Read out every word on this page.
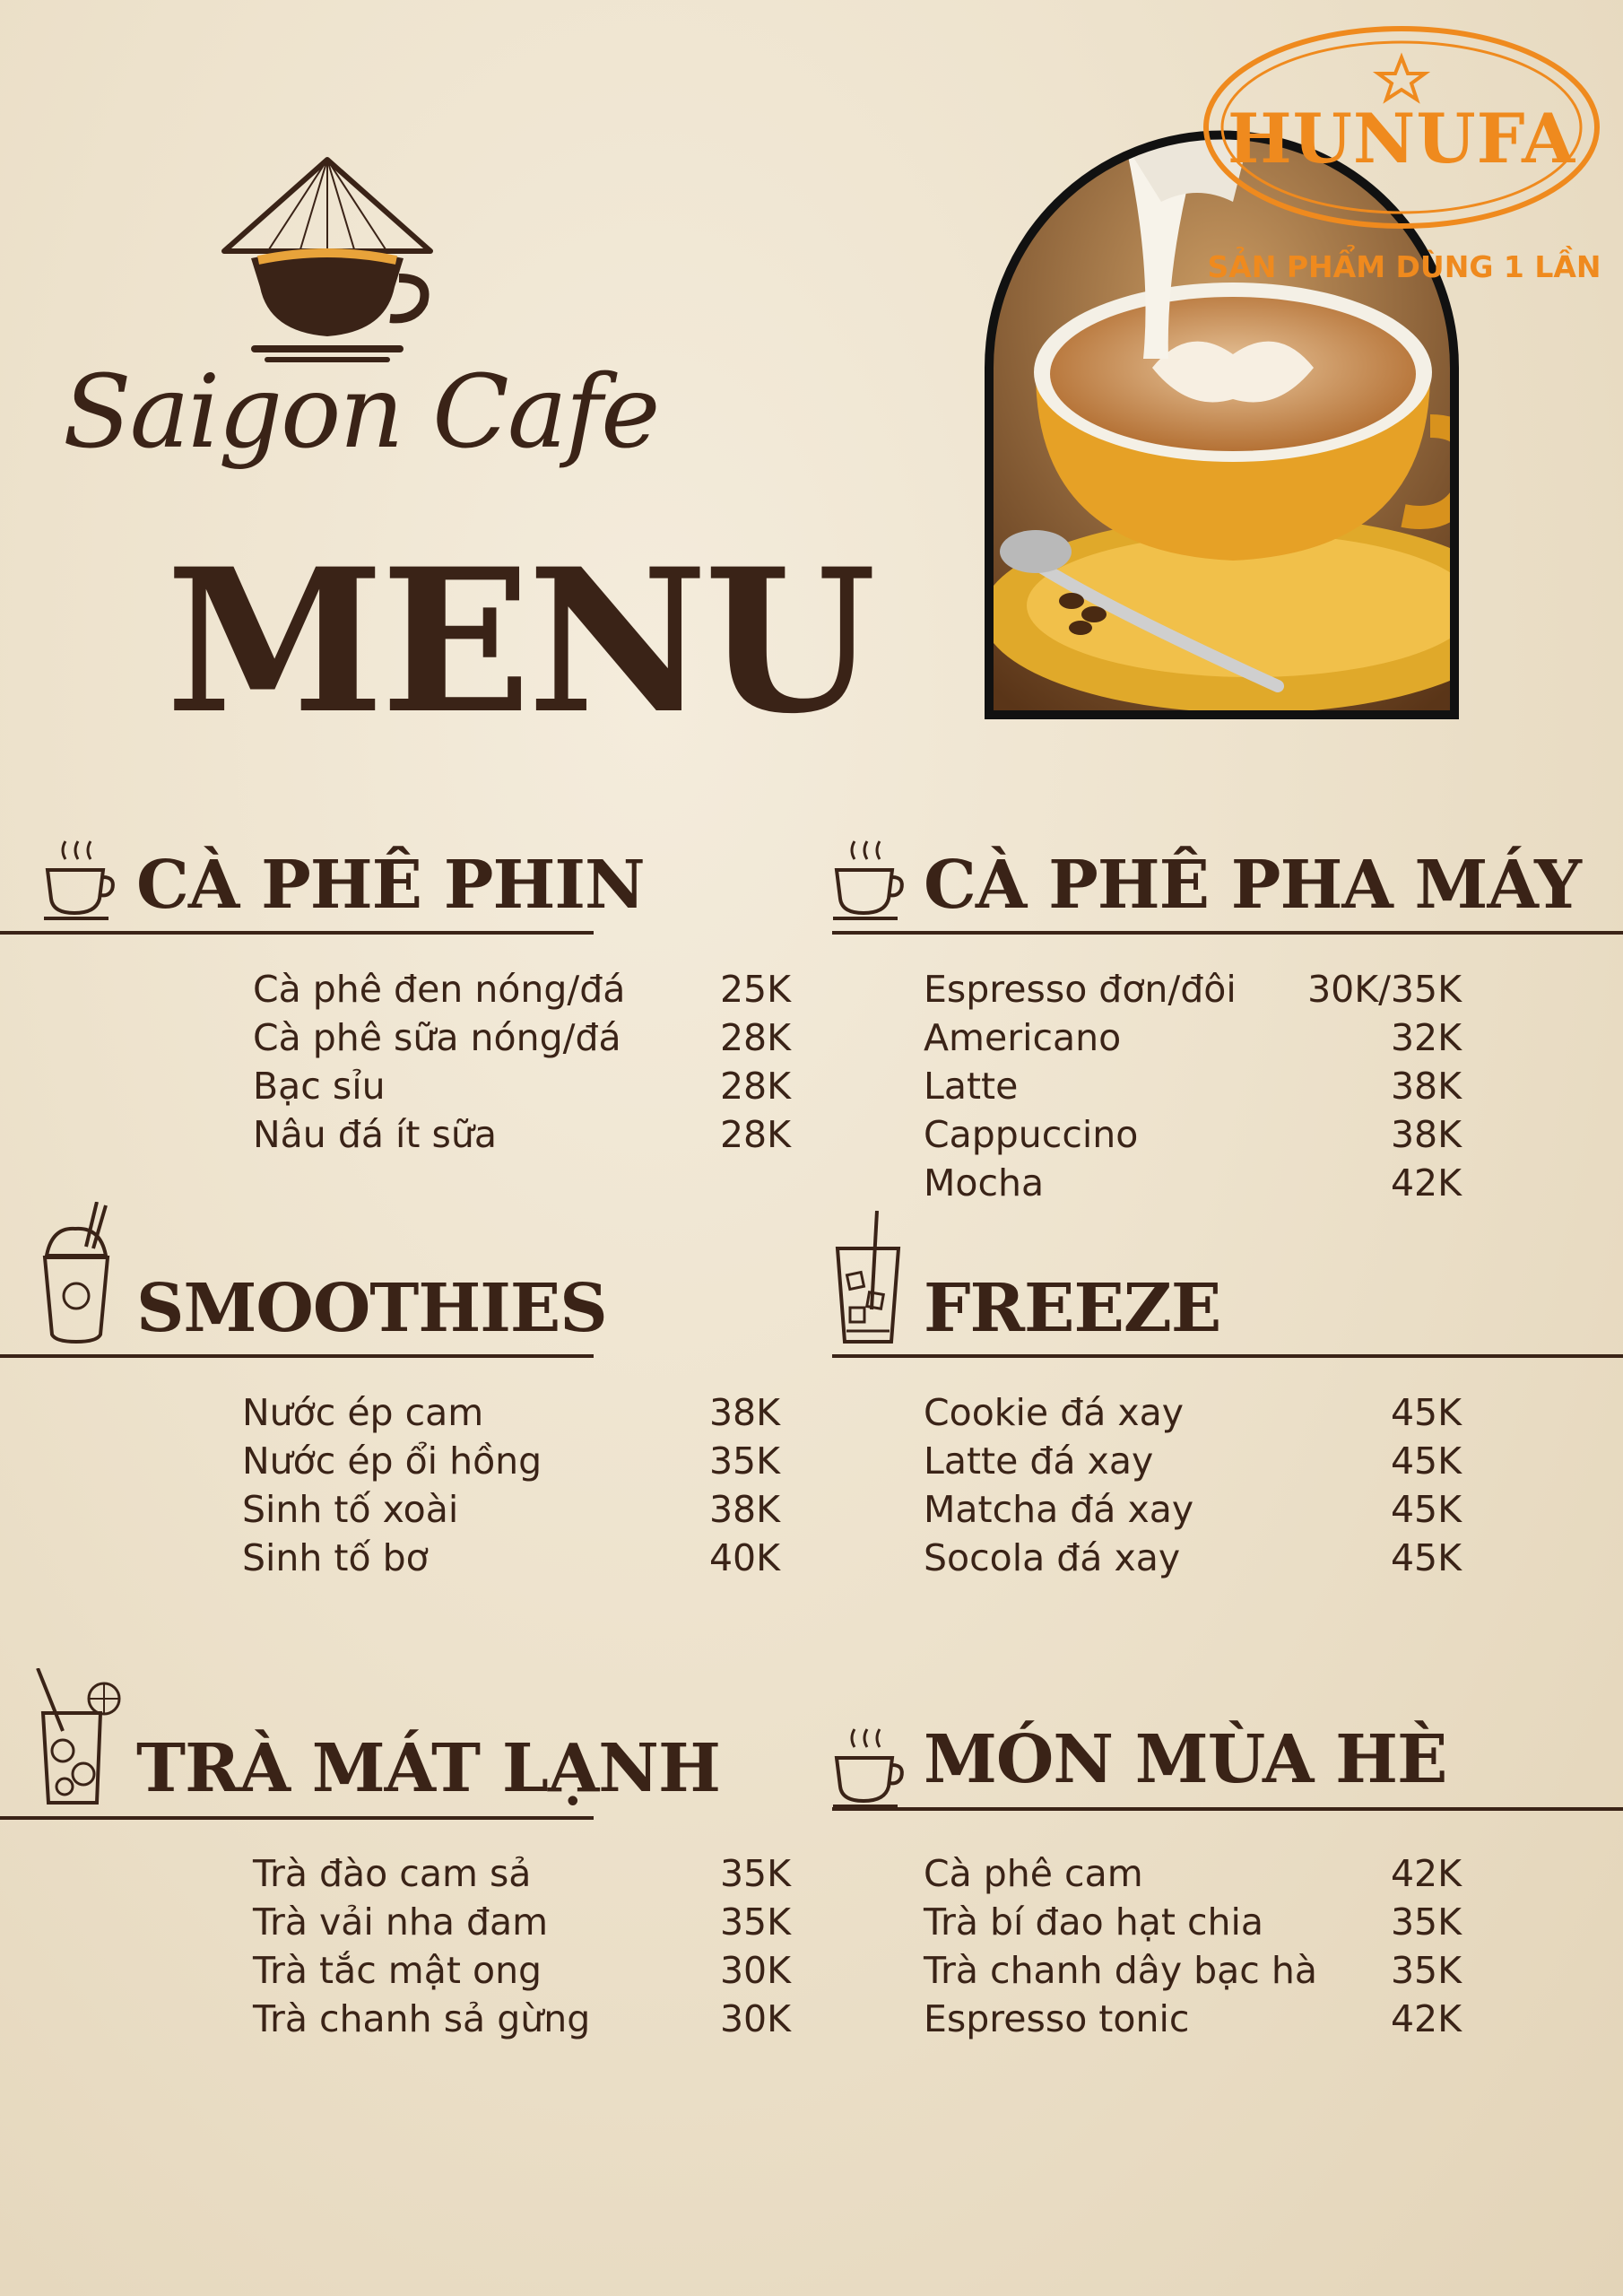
Saigon Cafe
MENU
HUNUFA
SẢN PHẨM DÙNG 1 LẦN
CÀ PHÊ PHIN	CÀ PHÊ PHA MÁY
SMOOTHIES	FREEZE
TRÀ MÁT LẠNH	MÓN MÙA HÈ
Cà phê đen nóng/đá	25K
Cà phê sữa nóng/đá	28K
Bạc sỉu	28K
Nâu đá ít sữa	28K
Espresso đơn/đôi 30K/35K
Americano	32K
Latte	38K
Cappuccino	38K
Mocha	42K
Nước ép cam	38K
Nước ép ổi hồng	35K
Sinh tố xoài	38K
Sinh tố bơ	40K
Cookie đá xay	45K
Latte đá xay	45K
Matcha đá xay	45K
Socola đá xay	45K
Trà đào cam sả	35K
Trà vải nha đam	35K
Trà tắc mật ong	30K
Trà chanh sả gừng	30K
Cà phê cam	42K
Trà bí đao hạt chia	35K
Trà chanh dây bạc hà 35K
Espresso tonic	42K
